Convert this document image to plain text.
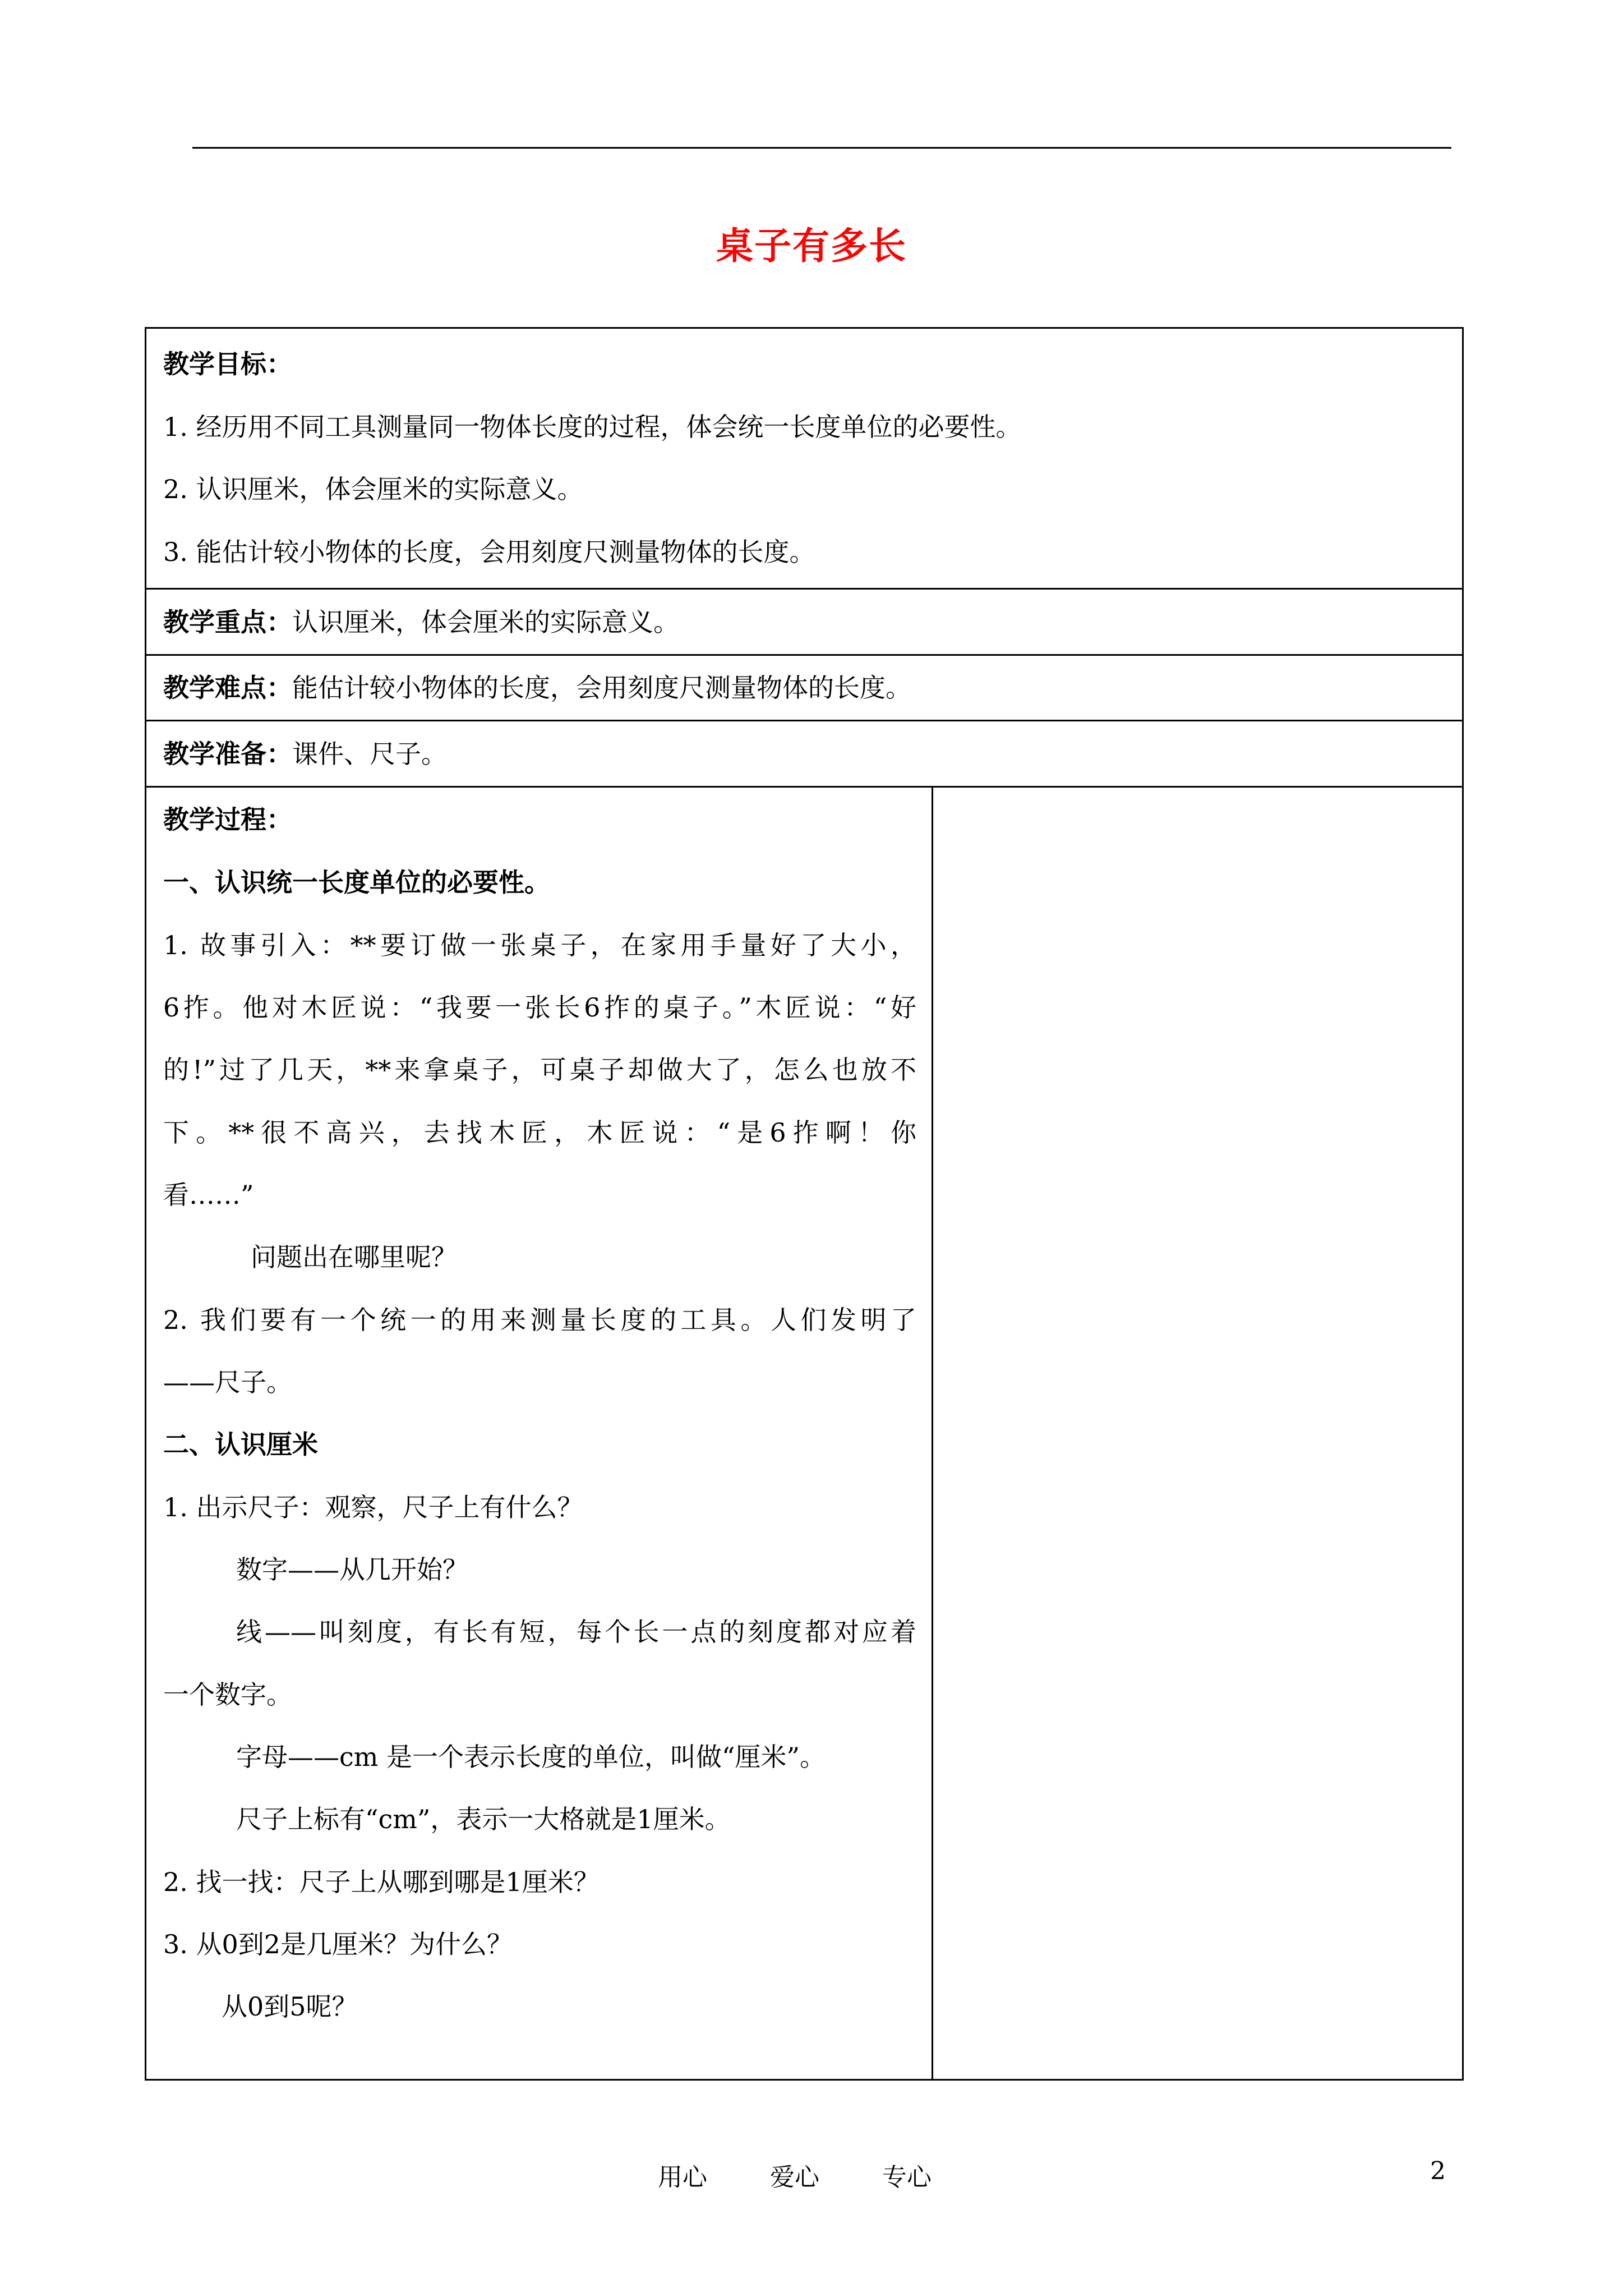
桌子有多长
教学目标：
1. 经历用不同工具测量同一物体长度的过程，体会统一长度单位的必要性。
2. 认识厘米，体会厘米的实际意义。
3. 能估计较小物体的长度，会用刻度尺测量物体的长度。
教学重点：认识厘米，体会厘米的实际意义。
教学难点：能估计较小物体的长度，会用刻度尺测量物体的长度。
教学准备：课件、尺子。
教学过程：
一、认识统一长度单位的必要性。
1. 故事引入：**要订做一张桌子，在家用手量好了大小，
6拃。他对木匠说：“我要一张长6拃的桌子。”木匠说：“好
的!”过了几天，**来拿桌子，可桌子却做大了，怎么也放不
下。**很不高兴，去找木匠，木匠说：“是6拃啊！你
看……”
问题出在哪里呢？
2. 我们要有一个统一的用来测量长度的工具。人们发明了
——尺子。
二、认识厘米
1. 出示尺子：观察，尺子上有什么？
数字——从几开始？
线——叫刻度，有长有短，每个长一点的刻度都对应着
一个数字。
字母——cm 是一个表示长度的单位，叫做“厘米”。
尺子上标有“cm”，表示一大格就是1厘米。
2. 找一找：尺子上从哪到哪是1厘米？
3. 从0到2是几厘米？为什么？
从0到5呢？
用心	爱心	专心	2
